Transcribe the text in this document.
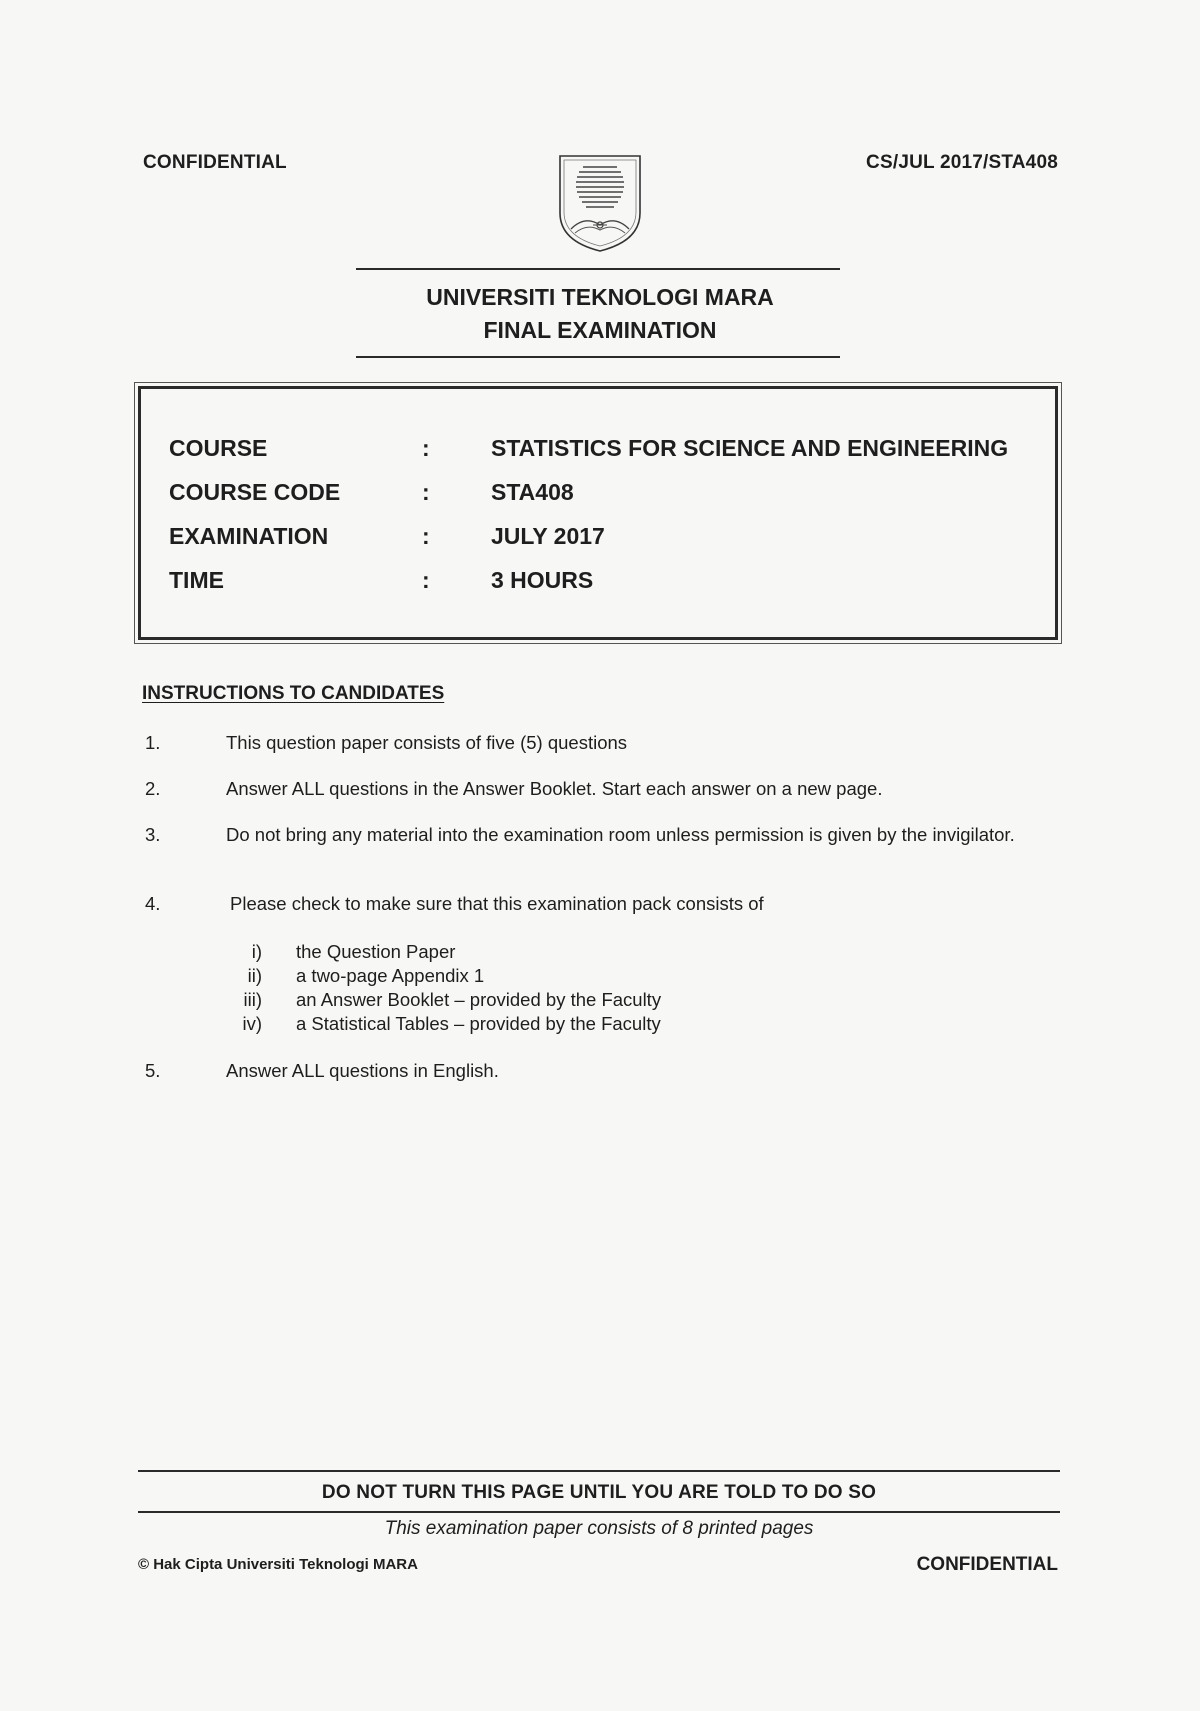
CONFIDENTIAL	CS/JUL 2017/STA408
UNIVERSITI TEKNOLOGI MARA
FINAL EXAMINATION
COURSE	:	STATISTICS FOR SCIENCE AND ENGINEERING
COURSE CODE	:	STA408
EXAMINATION	:	JULY 2017
TIME	:	3 HOURS
INSTRUCTIONS TO CANDIDATES
1.	This question paper consists of five (5) questions
2.	Answer ALL questions in the Answer Booklet. Start each answer on a new page.
3.	Do not bring any material into the examination room unless permission is given by the invigilator.
4.	Please check to make sure that this examination pack consists of
i) the Question Paper
ii) a two-page Appendix 1
iii) an Answer Booklet – provided by the Faculty
iv) a Statistical Tables – provided by the Faculty
5.	Answer ALL questions in English.
DO NOT TURN THIS PAGE UNTIL YOU ARE TOLD TO DO SO
This examination paper consists of 8 printed pages
© Hak Cipta Universiti Teknologi MARA	CONFIDENTIAL
